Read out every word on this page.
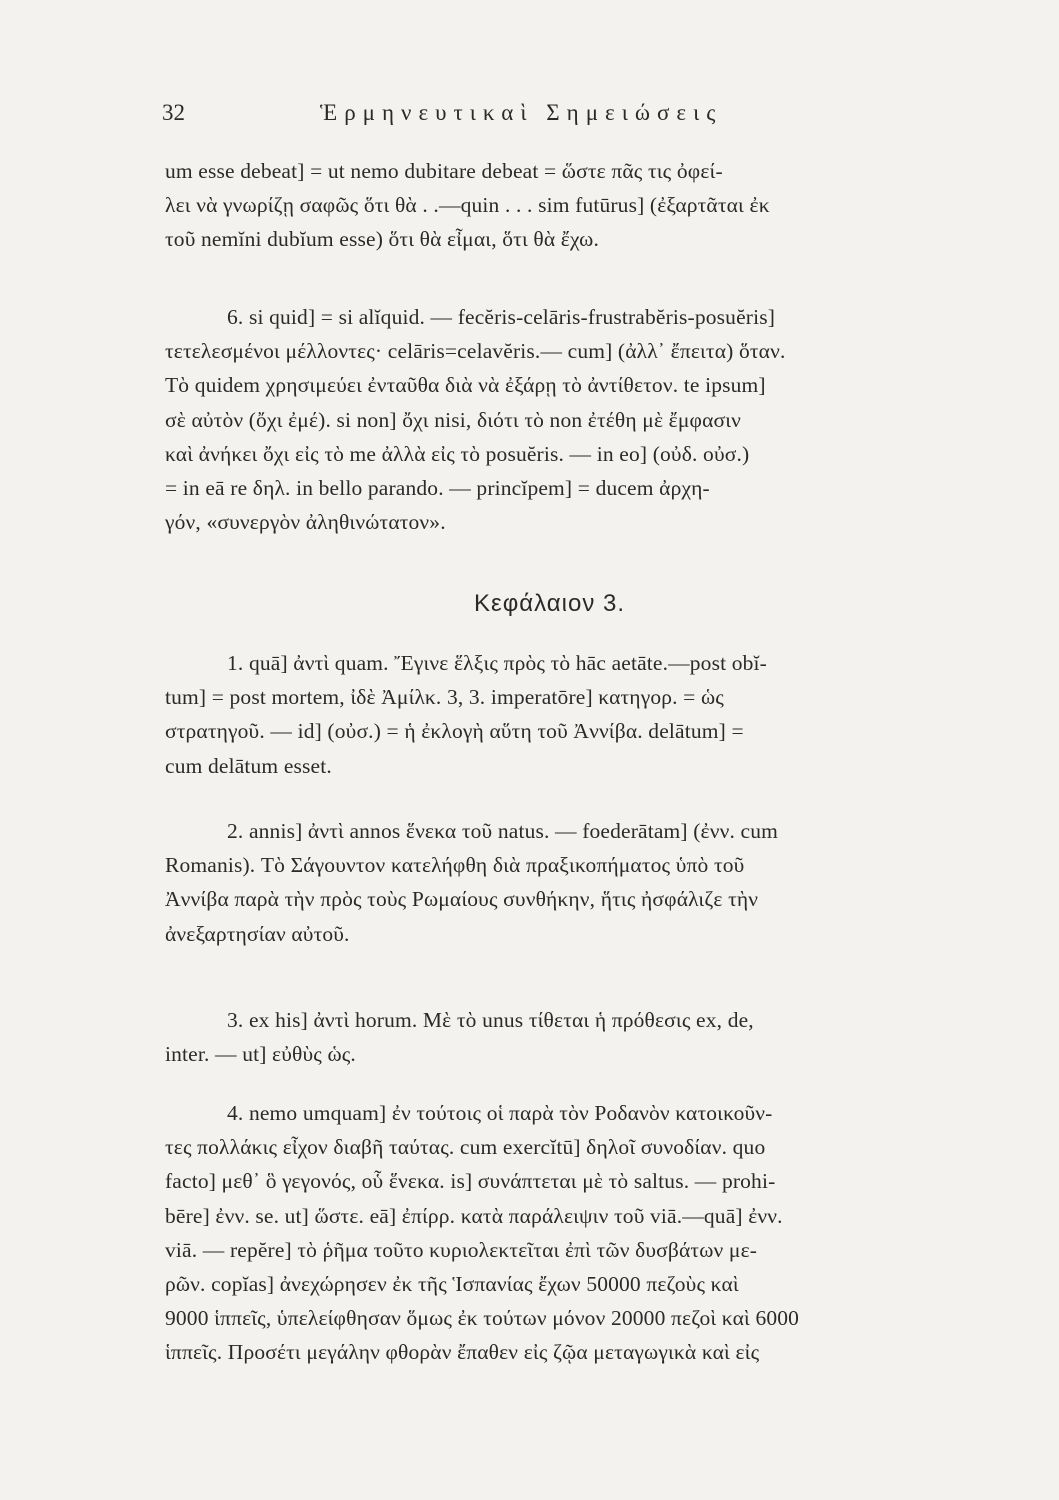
32	Ἑρμηνευτικαὶ Σημειώσεις
um esse debeat] = ut nemo dubitare debeat = ὥστε πᾶς τις ὀφεί-
λει νὰ γνωρίζῃ σαφῶς ὅτι θὰ . .—quin . . . sim futūrus] (ἐξαρτᾶται ἐκ
τοῦ nemĭni dubĭum esse) ὅτι θὰ εἶμαι, ὅτι θὰ ἔχω.
6. si quid] = si alĭquid. — fecĕris-celāris-frustrabĕris-posuĕris]
τετελεσμένοι μέλλοντες· celāris=celavĕris.— cum] (ἀλλ᾽ ἔπειτα) ὅταν.
Τὸ quidem χρησιμεύει ἐνταῦθα διὰ νὰ ἐξάρῃ τὸ ἀντίθετον. te ipsum]
σὲ αὐτὸν (ὄχι ἐμέ). si non] ὄχι nisi, διότι τὸ non ἐτέθη μὲ ἔμφασιν
καὶ ἀνήκει ὄχι εἰς τὸ me ἀλλὰ εἰς τὸ posuĕris. — in eo] (οὐδ. οὐσ.)
= in eā re δηλ. in bello parando. — princĭpem] = ducem ἀρχη-
γόν, «συνεργὸν ἀληθινώτατον».
Κεφάλαιον 3.
1. quā] ἀντὶ quam. Ἔγινε ἕλξις πρὸς τὸ hāc aetāte.—post obĭ-
tum] = post mortem, ἰδὲ Ἀμίλκ. 3, 3. imperatōre] κατηγορ. = ὡς
στρατηγοῦ. — id] (οὐσ.) = ἡ ἐκλογὴ αὕτη τοῦ Ἀννίβα. delātum] =
cum delātum esset.
2. annis] ἀντὶ annos ἕνεκα τοῦ natus. — foederātam] (ἐνν. cum
Romanis). Τὸ Σάγουντον κατελήφθη διὰ πραξικοπήματος ὑπὸ τοῦ
Ἀννίβα παρὰ τὴν πρὸς τοὺς Ρωμαίους συνθήκην, ἥτις ἠσφάλιζε τὴν
ἀνεξαρτησίαν αὐτοῦ.
3. ex his] ἀντὶ horum. Μὲ τὸ unus τίθεται ἡ πρόθεσις ex, de,
inter. — ut] εὐθὺς ὡς.
4. nemo umquam] ἐν τούτοις οἱ παρὰ τὸν Ροδανὸν κατοικοῦν-
τες πολλάκις εἶχον διαβῆ ταύτας. cum exercĭtū] δηλοῖ συνοδίαν. quo
facto] μεθ᾽ ὃ γεγονός, οὗ ἕνεκα. is] συνάπτεται μὲ τὸ saltus. — prohi-
bēre] ἐνν. se. ut] ὥστε. eā] ἐπίρρ. κατὰ παράλειψιν τοῦ viā.—quā] ἐνν.
viā. — repĕre] τὸ ῥῆμα τοῦτο κυριολεκτεῖται ἐπὶ τῶν δυσβάτων με-
ρῶν. copĭas] ἀνεχώρησεν ἐκ τῆς Ἱσπανίας ἔχων 50000 πεζοὺς καὶ
9000 ἱππεῖς, ὑπελείφθησαν ὅμως ἐκ τούτων μόνον 20000 πεζοὶ καὶ 6000
ἱππεῖς. Προσέτι μεγάλην φθορὰν ἔπαθεν εἰς ζῷα μεταγωγικὰ καὶ εἰς
